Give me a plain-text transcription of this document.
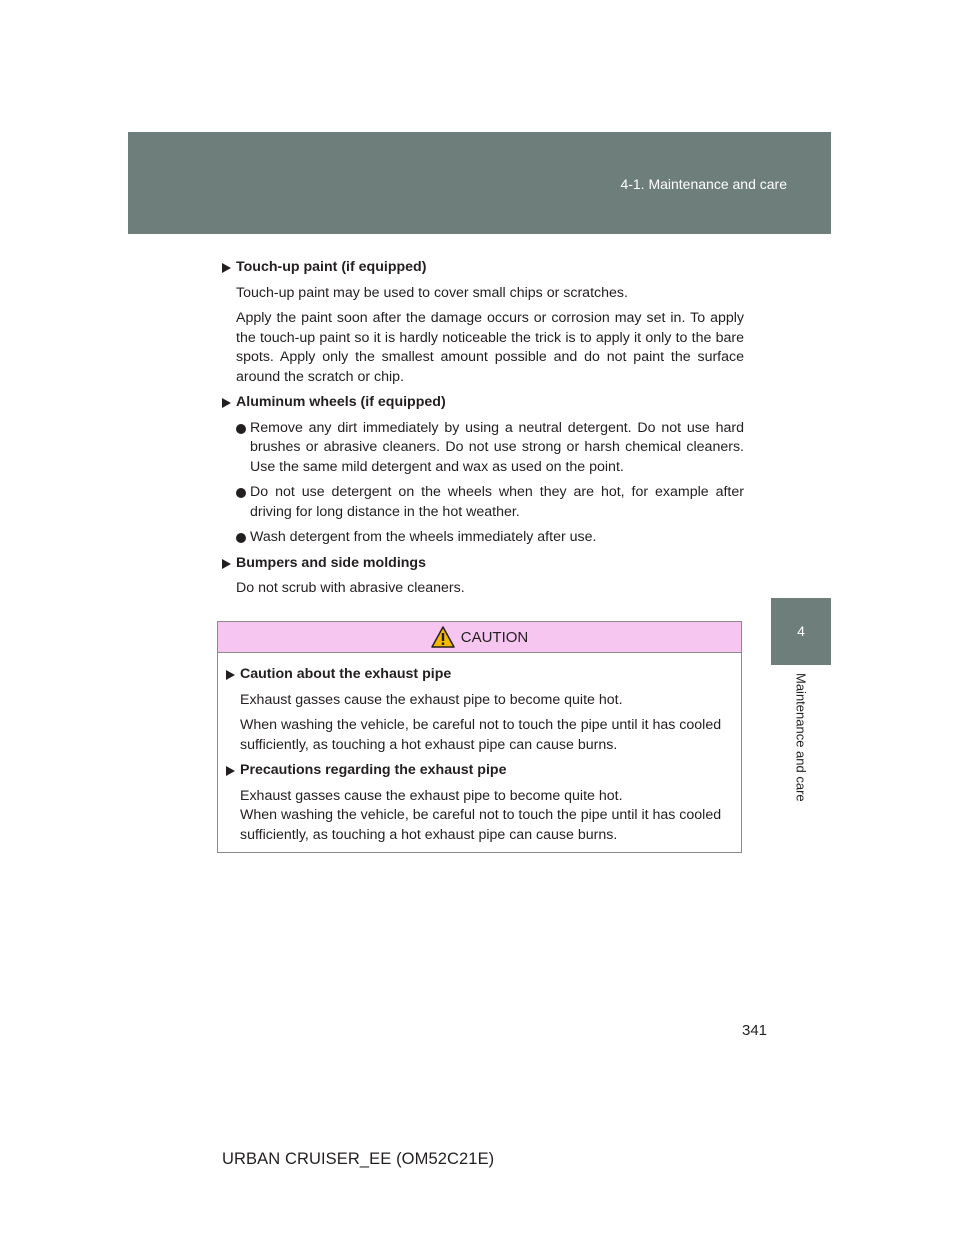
4-1. Maintenance and care
4
Maintenance and care

Touch-up paint (if equipped)

Touch-up paint may be used to cover small chips or scratches.

Apply the paint soon after the damage occurs or corrosion may set in. To apply the touch-up paint so it is hardly noticeable the trick is to apply it only to the bare spots. Apply only the smallest amount possible and do not paint the surface around the scratch or chip.

Aluminum wheels (if equipped)

Remove any dirt immediately by using a neutral detergent. Do not use hard brushes or abrasive cleaners. Do not use strong or harsh chemical cleaners. Use the same mild detergent and wax as used on the point.

Do not use detergent on the wheels when they are hot, for example after driving for long distance in the hot weather.

Wash detergent from the wheels immediately after use.

Bumpers and side moldings

Do not scrub with abrasive cleaners.

CAUTION

Caution about the exhaust pipe

Exhaust gasses cause the exhaust pipe to become quite hot.

When washing the vehicle, be careful not to touch the pipe until it has cooled sufficiently, as touching a hot exhaust pipe can cause burns.

Precautions regarding the exhaust pipe

Exhaust gasses cause the exhaust pipe to become quite hot.

When washing the vehicle, be careful not to touch the pipe until it has cooled sufficiently, as touching a hot exhaust pipe can cause burns.

341
URBAN CRUISER_EE (OM52C21E)
